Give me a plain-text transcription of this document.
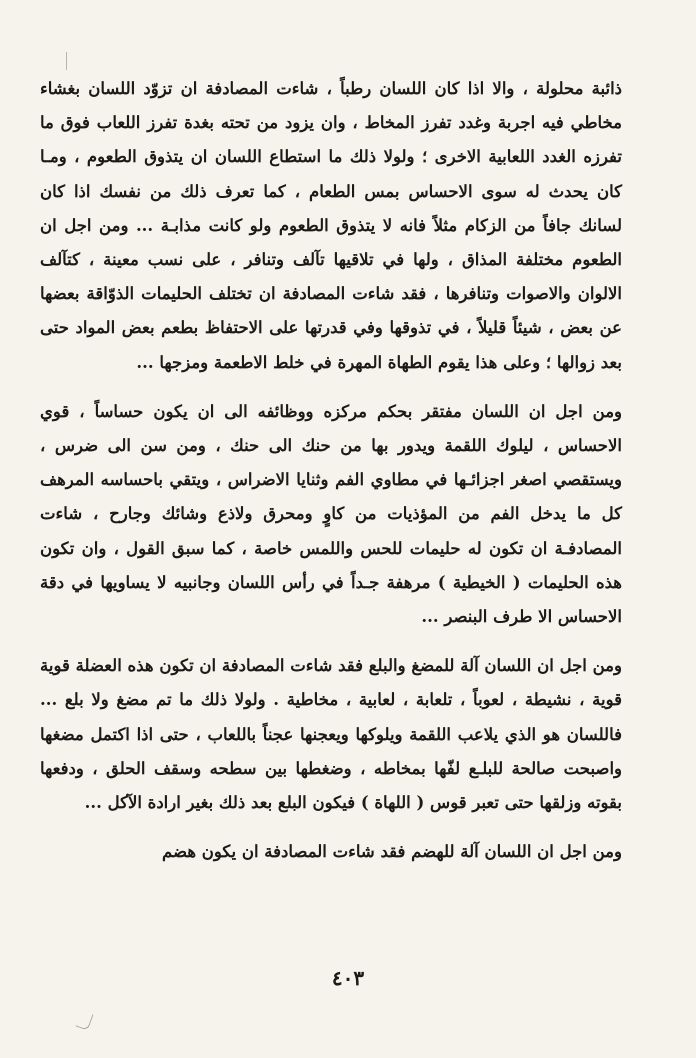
ذائبة محلولة ، والا اذا كان اللسان رطباً ، شاءت المصادفة ان تزوّد اللسان بغشاء مخاطي فيه اجربة وغدد تفرز المخاط ، وان يزود من تحته بغدة تفرز اللعاب فوق ما تفرزه الغدد اللعابية الاخرى ؛ ولولا ذلك ما استطاع اللسان ان يتذوق الطعوم ، ومـا كان يحدث له سوى الاحساس بمس الطعام ، كما تعرف ذلك من نفسك اذا كان لسانك جافاً من الزكام مثلاً فانه لا يتذوق الطعوم ولو كانت مذابـة ... ومن اجل ان الطعوم مختلفة المذاق ، ولها في تلاقيها تآلف وتنافر ، على نسب معينة ، كتآلف الالوان والاصوات وتنافرها ، فقد شاءت المصادفة ان تختلف الحليمات الذوّاقة بعضها عن بعض ، شيئاً قليلاً ، في تذوقها وفي قدرتها على الاحتفاظ بطعم بعض المواد حتى بعد زوالها ؛ وعلى هذا يقوم الطهاة المهرة في خلط الاطعمة ومزجها ...

ومن اجل ان اللسان مفتقر بحكم مركزه ووظائفه الى ان يكون حساساً ، قوي الاحساس ، ليلوك اللقمة ويدور بها من حنك الى حنك ، ومن سن الى ضرس ، ويستقصي اصغر اجزائـها في مطاوي الفم وثنايا الاضراس ، ويتقي باحساسه المرهف كل ما يدخل الفم من المؤذيات من كاوٍ ومحرق ولاذع وشائك وجارح ، شاءت المصادفـة ان تكون له حليمات للحس واللمس خاصة ، كما سبق القول ، وان تكون هذه الحليمات ( الخيطية ) مرهفة جـداً في رأس اللسان وجانبيه لا يساويها في دقة الاحساس الا طرف البنصر ...

ومن اجل ان اللسان آلة للمضغ والبلع فقد شاءت المصادفة ان تكون هذه العضلة قوية قوية ، نشيطة ، لعوباً ، تلعابة ، لعابية ، مخاطية . ولولا ذلك ما تم مضغ ولا بلع ... فاللسان هو الذي يلاعب اللقمة ويلوكها ويعجنها عجناً باللعاب ، حتى اذا اكتمل مضغها واصبحت صالحة للبلـع لفّها بمخاطه ، وضغطها بين سطحه وسقف الحلق ، ودفعها بقوته وزلقها حتى تعبر قوس ( اللهاة ) فيكون البلع بعد ذلك بغير ارادة الآكل ...

ومن اجل ان اللسان آلة للهضم فقد شاءت المصادفة ان يكون هضم

٤٠٣
